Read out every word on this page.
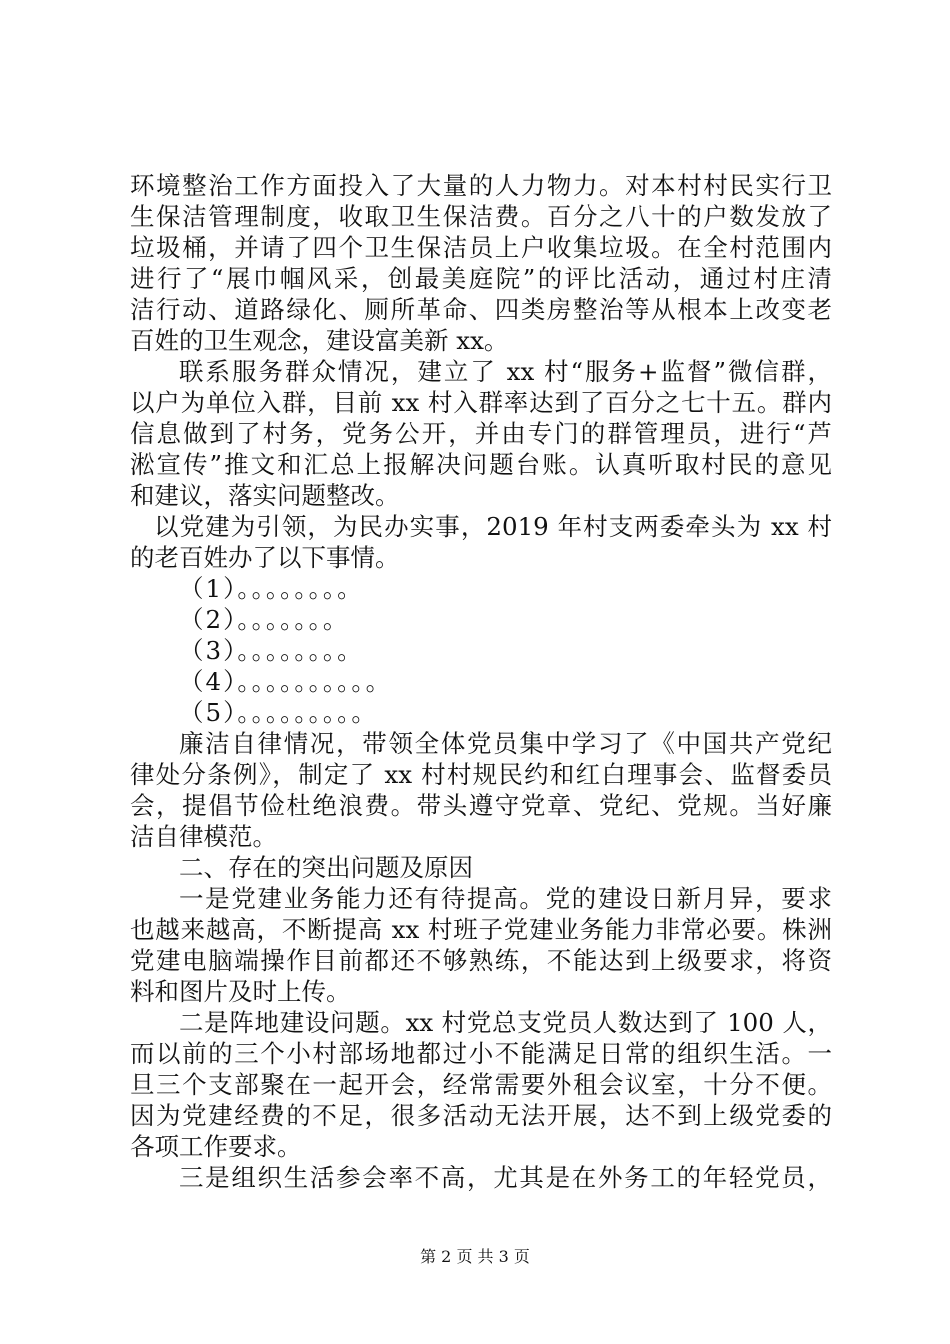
环境整治工作方面投入了大量的人力物力。对本村村民实行卫
生保洁管理制度，收取卫生保洁费。百分之八十的户数发放了
垃圾桶，并请了四个卫生保洁员上户收集垃圾。在全村范围内
进行了“展巾帼风采，创最美庭院”的评比活动，通过村庄清
洁行动、道路绿化、厕所革命、四类房整治等从根本上改变老
百姓的卫生观念，建设富美新 xx。
联系服务群众情况，建立了 xx 村“服务+监督”微信群，
以户为单位入群，目前 xx 村入群率达到了百分之七十五。群内
信息做到了村务，党务公开，并由专门的群管理员，进行“芦
淞宣传”推文和汇总上报解决问题台账。认真听取村民的意见
和建议，落实问题整改。
以党建为引领，为民办实事，2019 年村支两委牵头为 xx 村
的老百姓办了以下事情。
（1）。。。。。。。。
（2）。。。。。。。
（3）。。。。。。。。
（4）。。。。。。。。。。
（5）。。。。。。。。。
廉洁自律情况，带领全体党员集中学习了《中国共产党纪
律处分条例》，制定了 xx 村村规民约和红白理事会、监督委员
会，提倡节俭杜绝浪费。带头遵守党章、党纪、党规。当好廉
洁自律模范。
二、存在的突出问题及原因
一是党建业务能力还有待提高。党的建设日新月异，要求
也越来越高，不断提高 xx 村班子党建业务能力非常必要。株洲
党建电脑端操作目前都还不够熟练，不能达到上级要求，将资
料和图片及时上传。
二是阵地建设问题。xx 村党总支党员人数达到了 100 人，
而以前的三个小村部场地都过小不能满足日常的组织生活。一
旦三个支部聚在一起开会，经常需要外租会议室，十分不便。
因为党建经费的不足，很多活动无法开展，达不到上级党委的
各项工作要求。
三是组织生活参会率不高，尤其是在外务工的年轻党员，
第 2 页 共 3 页
